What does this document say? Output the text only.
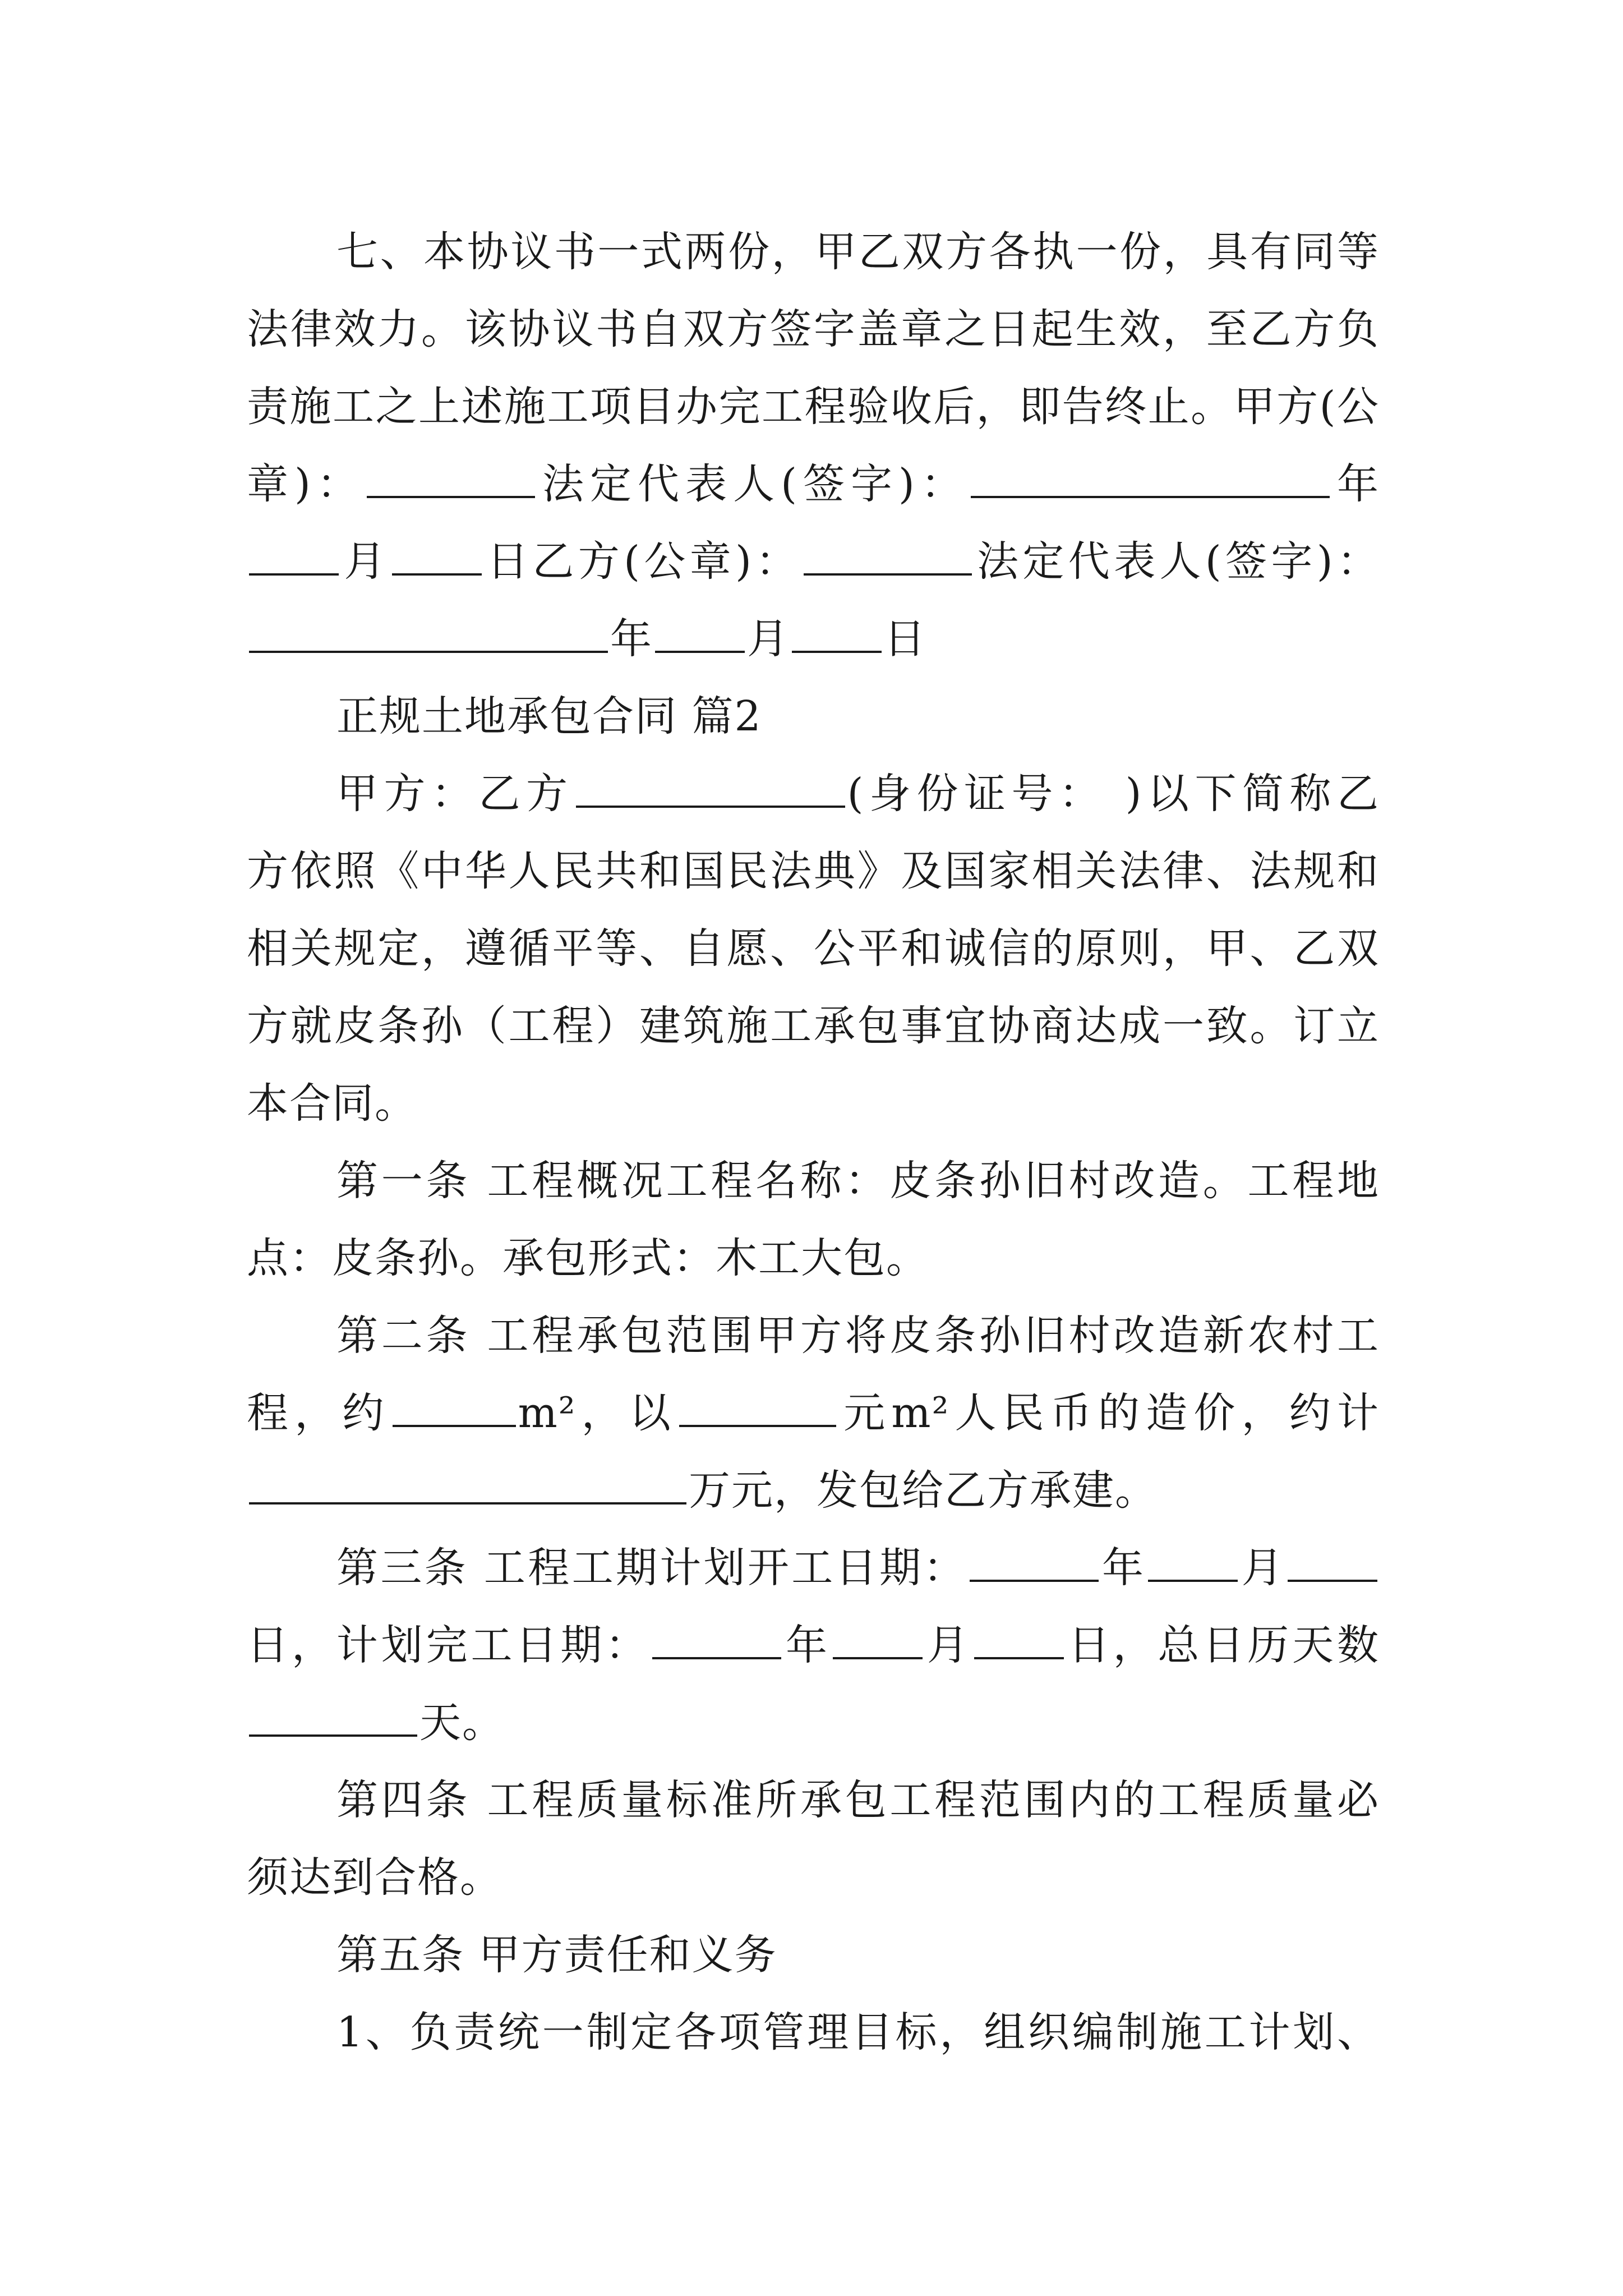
七、本协议书一式两份，甲乙双方各执一份，具有同等
法律效力。该协议书自双方签字盖章之日起生效，至乙方负
责施工之上述施工项目办完工程验收后，即告终止。甲方(公
章)：	法定代表人(签字)：	年
月 日乙方(公章)：	法定代表人(签字)：
年 月 日
正规土地承包合同 篇2
甲方：乙方	(身份证号： )以下简称乙
方依照《中华人民共和国民法典》及国家相关法律、法规和
相关规定，遵循平等、自愿、公平和诚信的原则，甲、乙双
方就皮条孙（工程）建筑施工承包事宜协商达成一致。订立
本合同。
第一条 工程概况工程名称：皮条孙旧村改造。工程地
点：皮条孙。承包形式：木工大包。
第二条 工程承包范围甲方将皮条孙旧村改造新农村工
程，约	m²，以	元m²人民币的造价，约计
万元，发包给乙方承建。
第三条 工程工期计划开工日期：	年 月
日，计划完工日期：	年 月 日，总日历天数
天。
第四条 工程质量标准所承包工程范围内的工程质量必
须达到合格。
第五条 甲方责任和义务
1、负责统一制定各项管理目标，组织编制施工计划、
